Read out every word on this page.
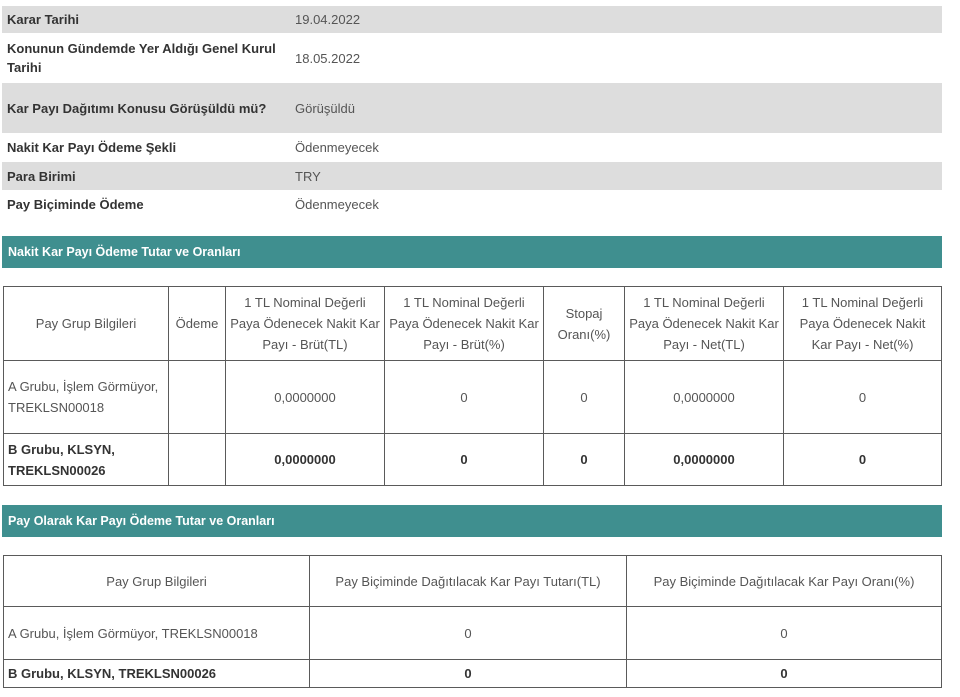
Karar Tarihi	19.04.2022
Konunun Gündemde Yer Aldığı Genel Kurul Tarihi	18.05.2022
Kar Payı Dağıtımı Konusu Görüşüldü mü?	Görüşüldü
Nakit Kar Payı Ödeme Şekli	Ödenmeyecek
Para Birimi	TRY
Pay Biçiminde Ödeme	Ödenmeyecek
Nakit Kar Payı Ödeme Tutar ve Oranları
Pay Grup Bilgileri	Ödeme	1 TL Nominal Değerli Paya Ödenecek Nakit Kar Payı - Brüt(TL)	1 TL Nominal Değerli Paya Ödenecek Nakit Kar Payı - Brüt(%)	Stopaj Oranı(%)	1 TL Nominal Değerli Paya Ödenecek Nakit Kar Payı - Net(TL)	1 TL Nominal Değerli Paya Ödenecek Nakit Kar Payı - Net(%)
A Grubu, İşlem Görmüyor, TREKLSN00018		0,0000000	0	0	0,0000000	0
B Grubu, KLSYN, TREKLSN00026		0,0000000	0	0	0,0000000	0
Pay Olarak Kar Payı Ödeme Tutar ve Oranları
Pay Grup Bilgileri	Pay Biçiminde Dağıtılacak Kar Payı Tutarı(TL)	Pay Biçiminde Dağıtılacak Kar Payı Oranı(%)
A Grubu, İşlem Görmüyor, TREKLSN00018	0	0
B Grubu, KLSYN, TREKLSN00026	0	0
